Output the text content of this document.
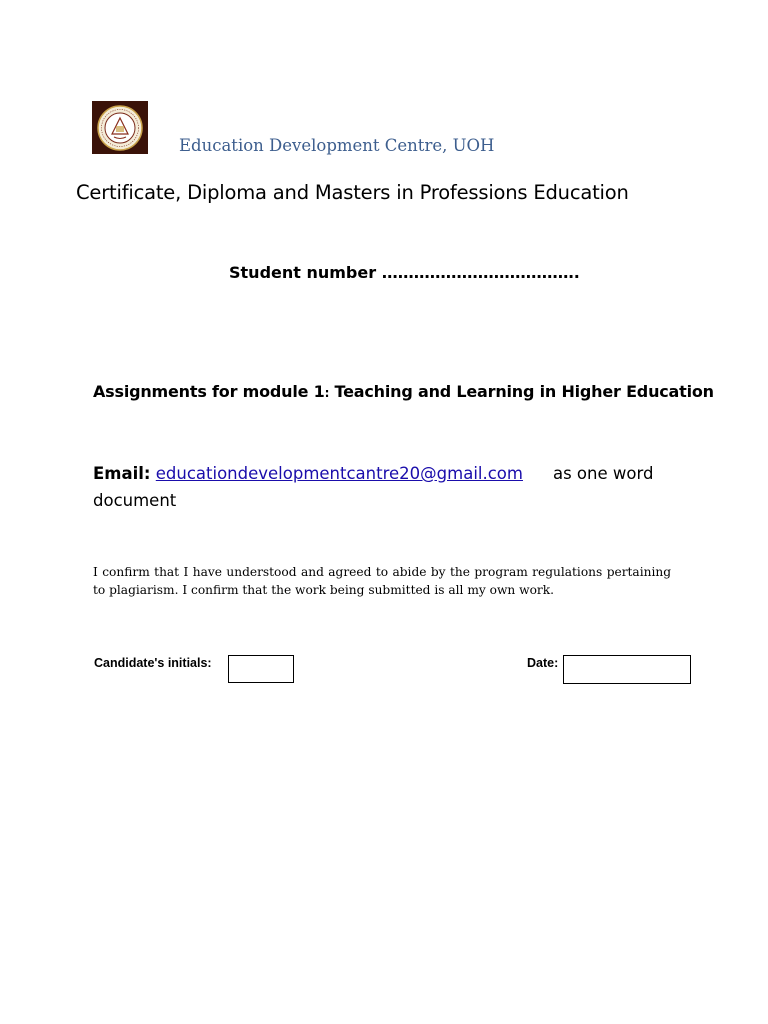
Education Development Centre, UOH
Certificate, Diploma and Masters in Professions Education
Student number ……………………………….
Assignments for module 1: Teaching and Learning in Higher Education
Email: educationdevelopmentcantre20@gmail.com as one word document
I confirm that I have understood and agreed to abide by the program regulations pertaining to plagiarism. I confirm that the work being submitted is all my own work.
Candidate's initials:	Date:
